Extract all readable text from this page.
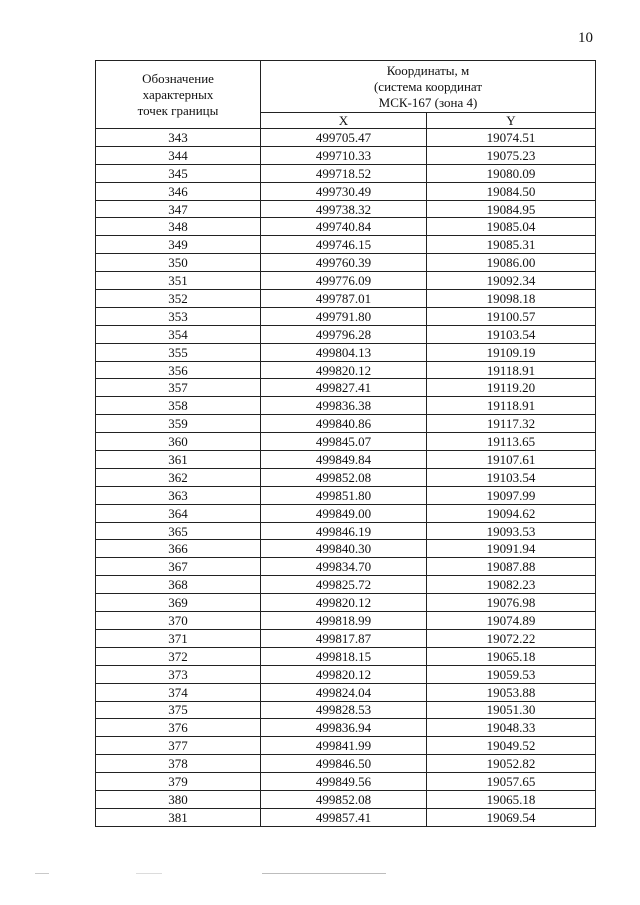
10
Обозначение
характерных
точек границы	Координаты, м
(система координат
МСК-167 (зона 4)	

	X	Y
343	499705.47	19074.51
344	499710.33	19075.23
345	499718.52	19080.09
346	499730.49	19084.50
347	499738.32	19084.95
348	499740.84	19085.04
349	499746.15	19085.31
350	499760.39	19086.00
351	499776.09	19092.34
352	499787.01	19098.18
353	499791.80	19100.57
354	499796.28	19103.54
355	499804.13	19109.19
356	499820.12	19118.91
357	499827.41	19119.20
358	499836.38	19118.91
359	499840.86	19117.32
360	499845.07	19113.65
361	499849.84	19107.61
362	499852.08	19103.54
363	499851.80	19097.99
364	499849.00	19094.62
365	499846.19	19093.53
366	499840.30	19091.94
367	499834.70	19087.88
368	499825.72	19082.23
369	499820.12	19076.98
370	499818.99	19074.89
371	499817.87	19072.22
372	499818.15	19065.18
373	499820.12	19059.53
374	499824.04	19053.88
375	499828.53	19051.30
376	499836.94	19048.33
377	499841.99	19049.52
378	499846.50	19052.82
379	499849.56	19057.65
380	499852.08	19065.18
381	499857.41	19069.54
